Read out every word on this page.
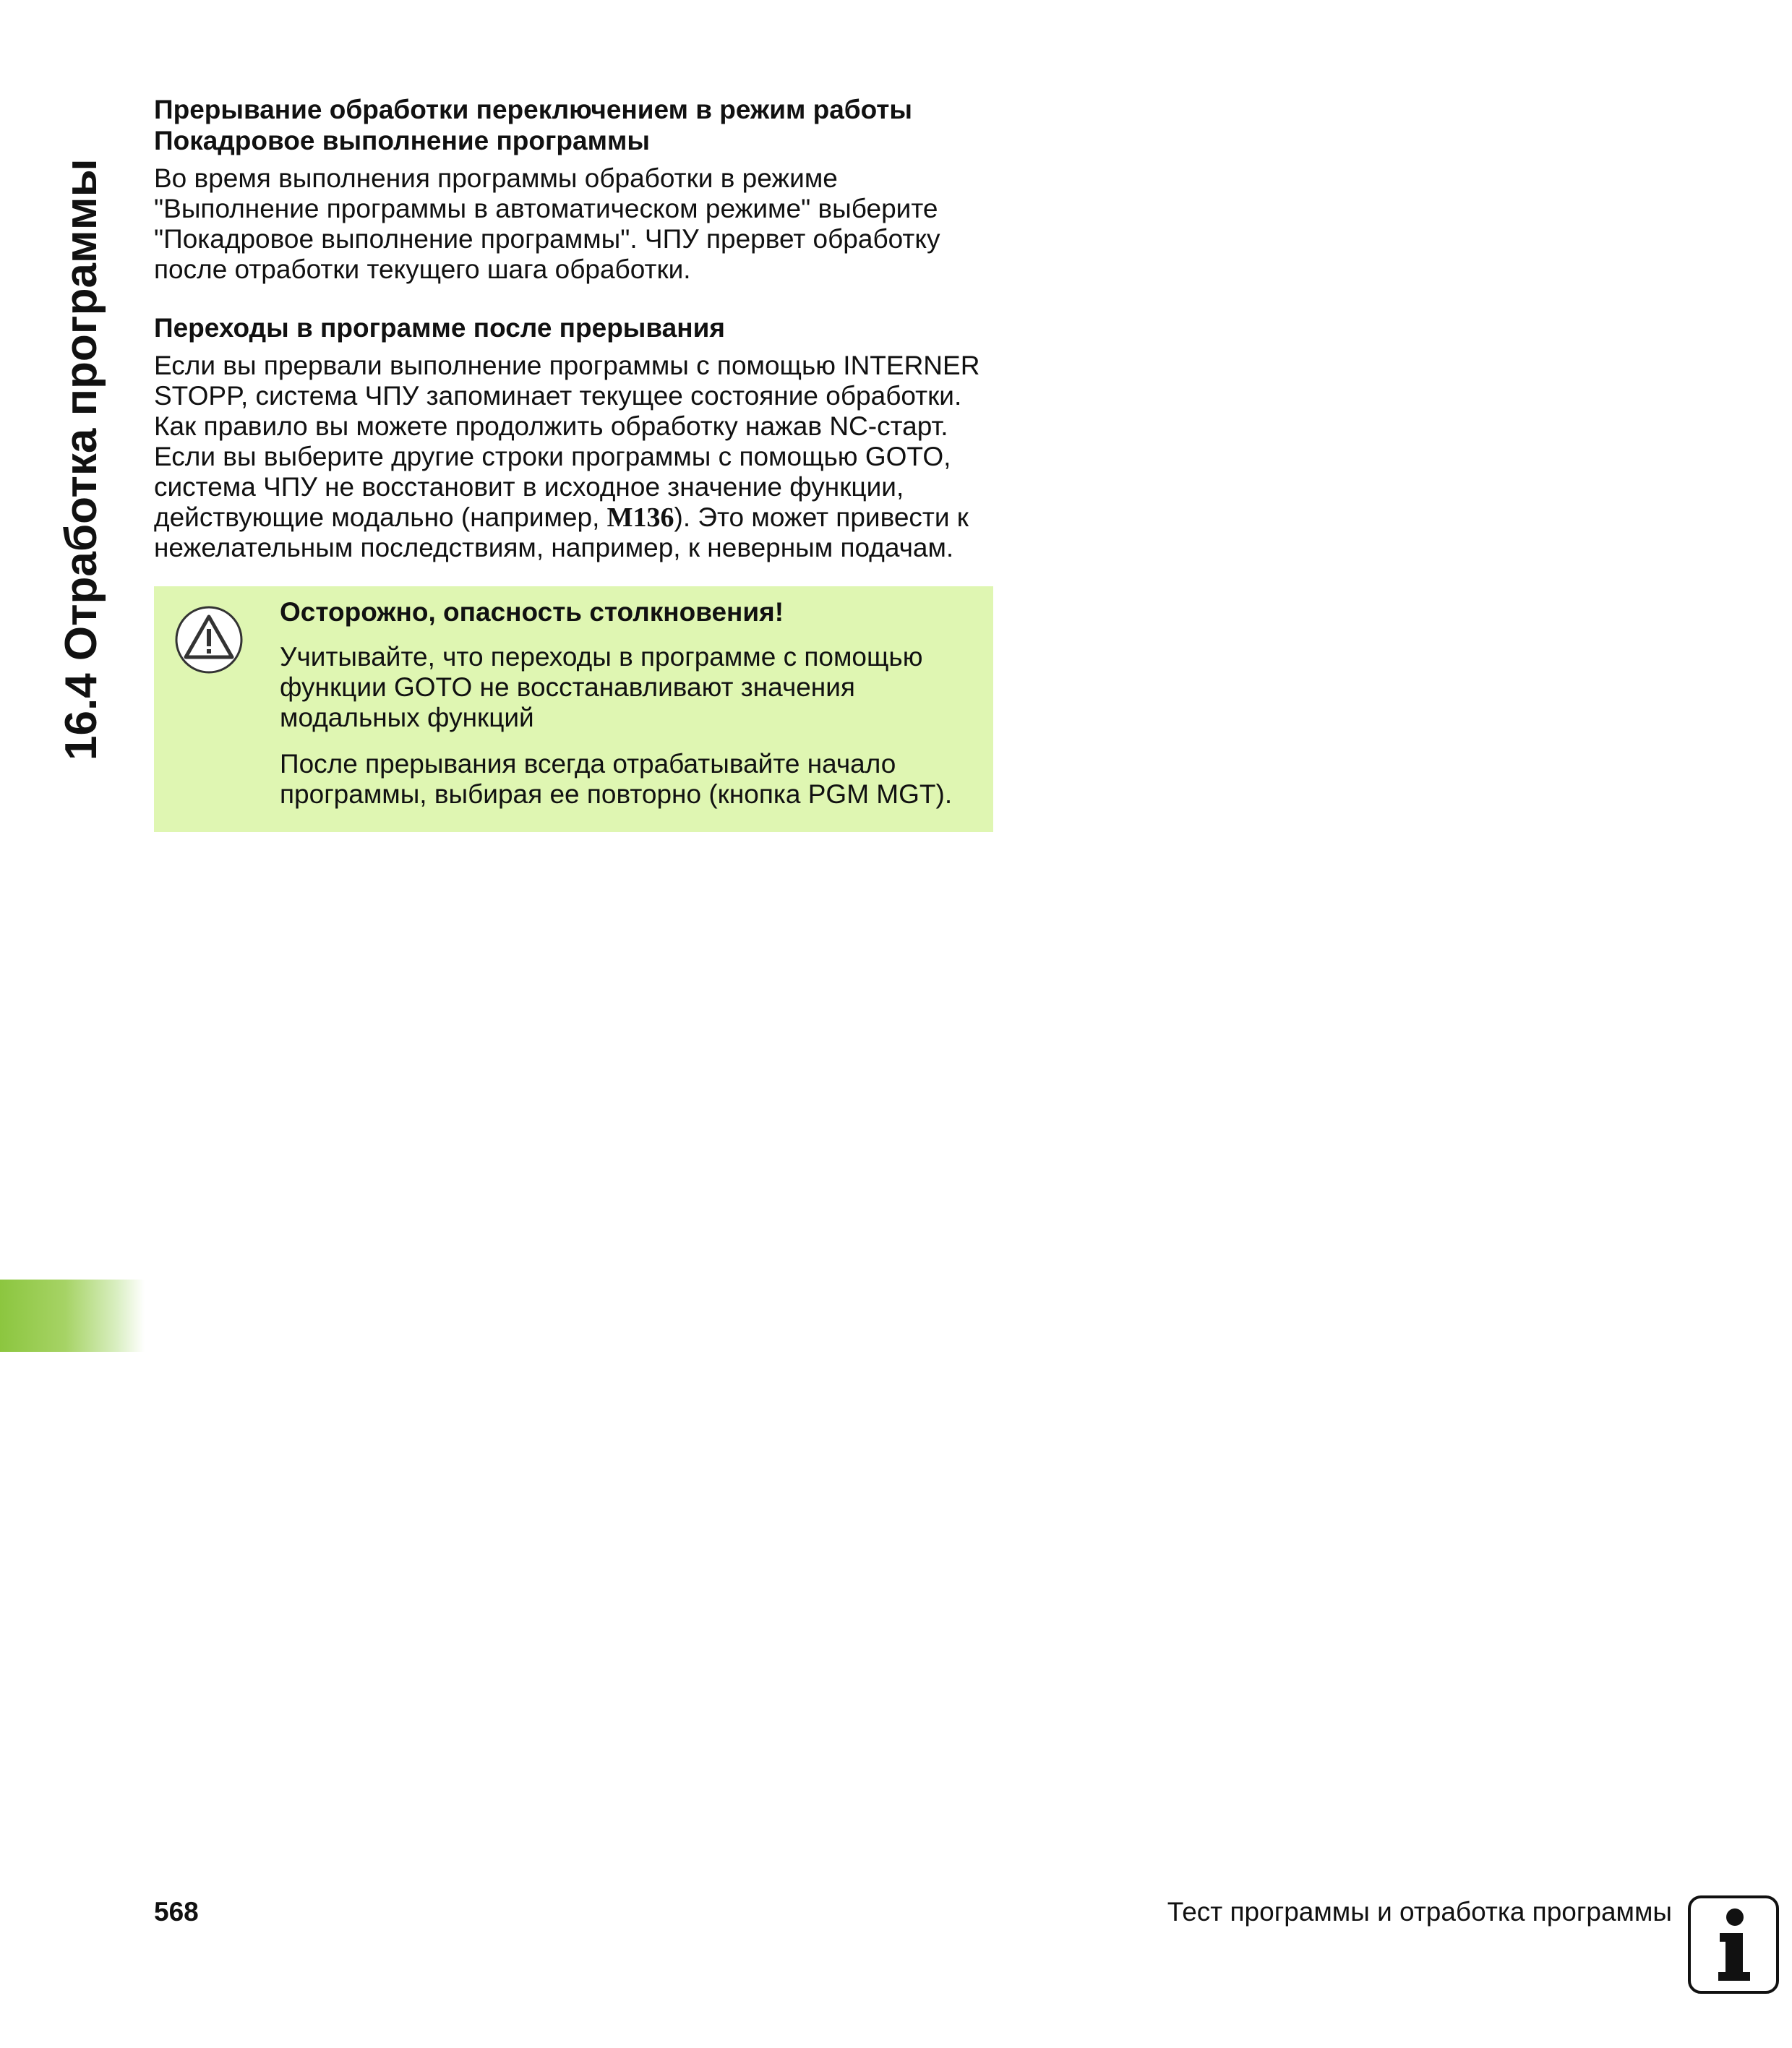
16.4 Отработка программы

Прерывание обработки переключением в режим работы
Покадровое выполнение программы

Во время выполнения программы обработки в режиме
"Выполнение программы в автоматическом режиме" выберите
"Покадровое выполнение программы". ЧПУ прервет обработку
после отработки текущего шага обработки.

Переходы в программе после прерывания

Если вы прервали выполнение программы с помощью INTERNER
STOPP, система ЧПУ запоминает текущее состояние обработки.
Как правило вы можете продолжить обработку нажав NC-старт.
Если вы выберите другие строки программы с помощью GOTO,
система ЧПУ не восстановит в исходное значение функции,
действующие модально (например, M136). Это может привести к
нежелательным последствиям, например, к неверным подачам.

Осторожно, опасность столкновения!

Учитывайте, что переходы в программе с помощью
функции GOTO не восстанавливают значения
модальных функций

После прерывания всегда отрабатывайте начало
программы, выбирая ее повторно (кнопка PGM MGT).

568	Тест программы и отработка программы
